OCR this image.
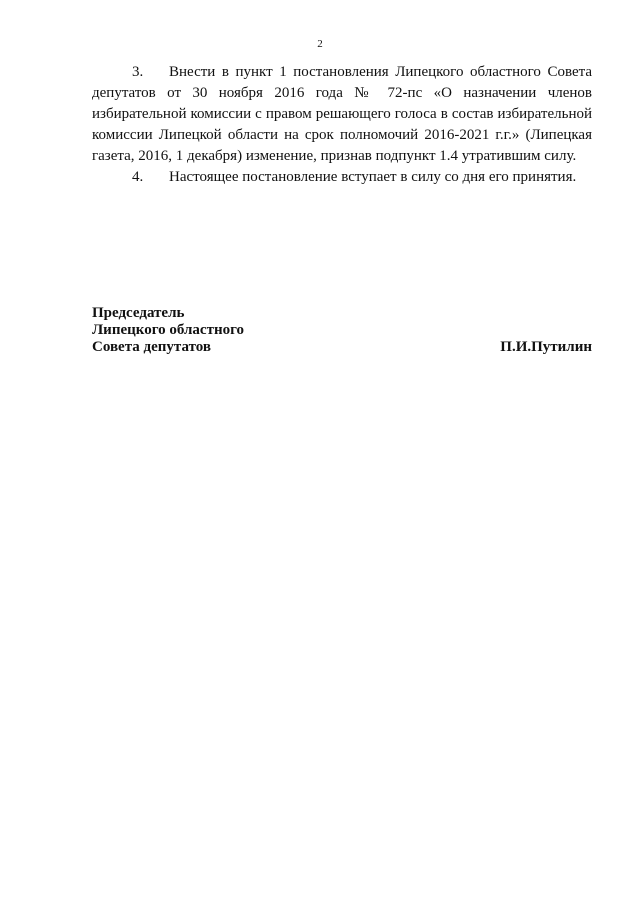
2

3. Внести в пункт 1 постановления Липецкого областного Совета депутатов от 30 ноября 2016 года № 72-пс «О назначении членов избирательной комиссии с правом решающего голоса в состав избирательной комиссии Липецкой области на срок полномочий 2016-2021 г.г.» (Липецкая газета, 2016, 1 декабря) изменение, признав подпункт 1.4 утратившим силу.

4. Настоящее постановление вступает в силу со дня его принятия.

Председатель
Липецкого областного
Совета депутатов	П.И.Путилин
